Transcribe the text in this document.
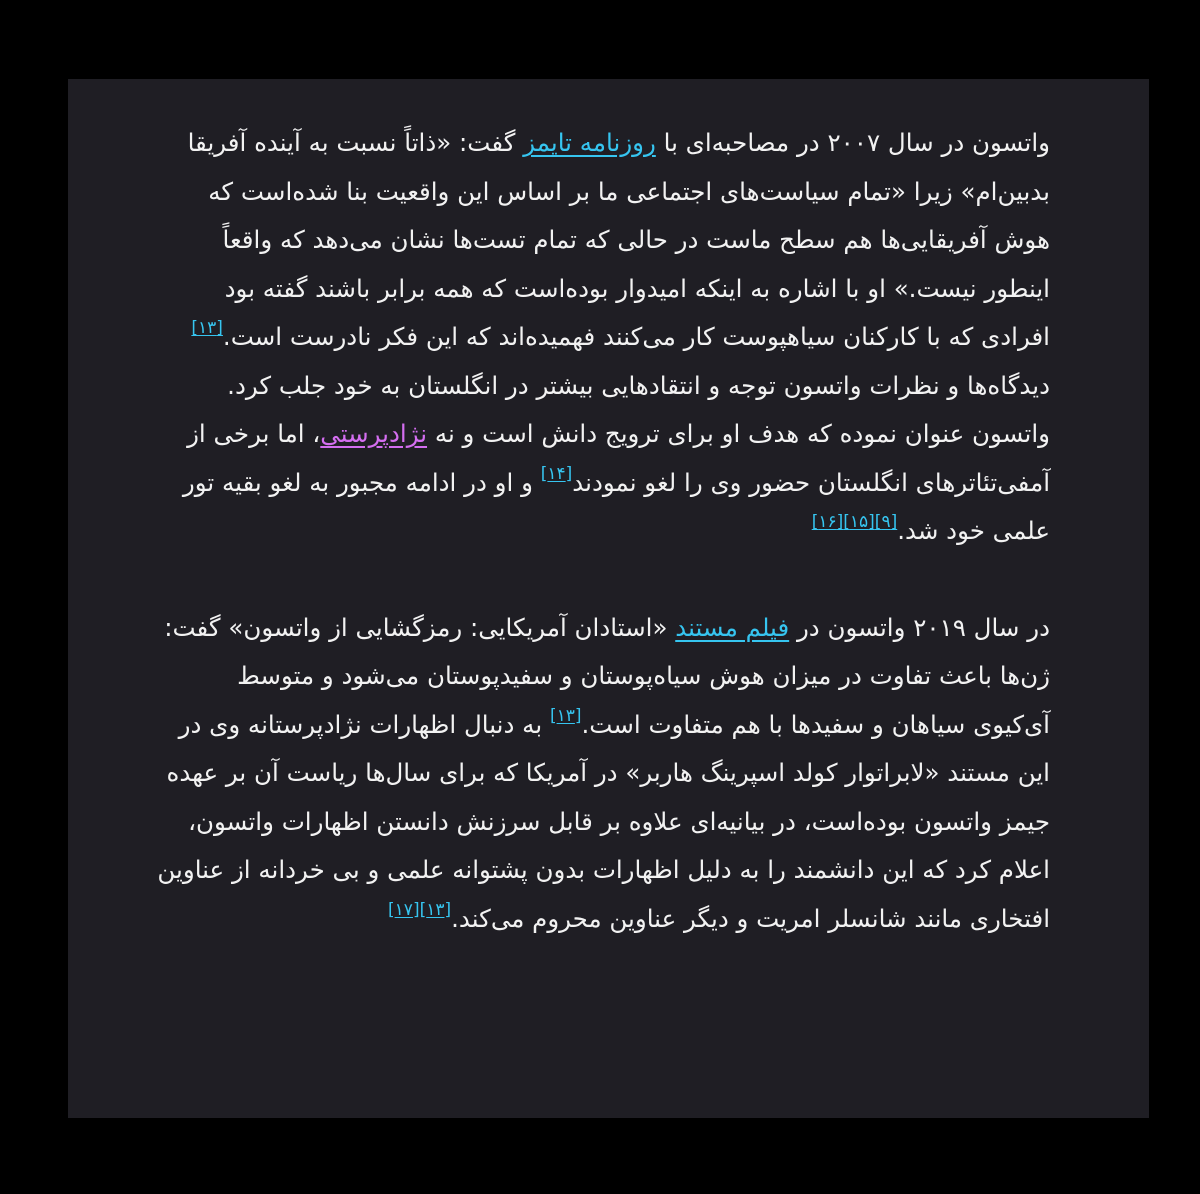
واتسون در سال ۲۰۰۷ در مصاحبه‌ای با روزنامه تایمز گفت: «ذاتاً نسبت به آینده آفریقا بدبین‌ام» زیرا «تمام سیاست‌های اجتماعی ما بر اساس این واقعیت بنا شده‌است که هوش آفریقایی‌ها هم سطح ماست در حالی که تمام تست‌ها نشان می‌دهد که واقعاً اینطور نیست.» او با اشاره به اینکه امیدوار بوده‌است که همه برابر باشند گفته بود افرادی که با کارکنان سیاهپوست کار می‌کنند فهمیده‌اند که این فکر نادرست است.[۱۳] دیدگاه‌ها و نظرات واتسون توجه و انتقادهایی بیشتر در انگلستان به خود جلب کرد. واتسون عنوان نموده که هدف او برای ترویج دانش است و نه نژادپرستی، اما برخی از آمفی‌تئاترهای انگلستان حضور وی را لغو نمودند[۱۴] و او در ادامه مجبور به لغو بقیه تور علمی خود شد.[۹][۱۵][۱۶]

در سال ۲۰۱۹ واتسون در فیلم مستند «استادان آمریکایی: رمزگشایی از واتسون» گفت: ژن‌ها باعث تفاوت در میزان هوش سیاه‌پوستان و سفیدپوستان می‌شود و متوسط آی‌کیوی سیاهان و سفیدها با هم متفاوت است.[۱۳] به دنبال اظهارات نژادپرستانه وی در این مستند «لابراتوار کولد اسپرینگ هاربر» در آمریکا که برای سال‌ها ریاست آن بر عهده جیمز واتسون بوده‌است، در بیانیه‌ای علاوه بر قابل سرزنش دانستن اظهارات واتسون، اعلام کرد که این دانشمند را به دلیل اظهارات بدون پشتوانه علمی و بی خردانه از عناوین افتخاری مانند شانسلر امریت و دیگر عناوین محروم می‌کند.[۱۳][۱۷]
